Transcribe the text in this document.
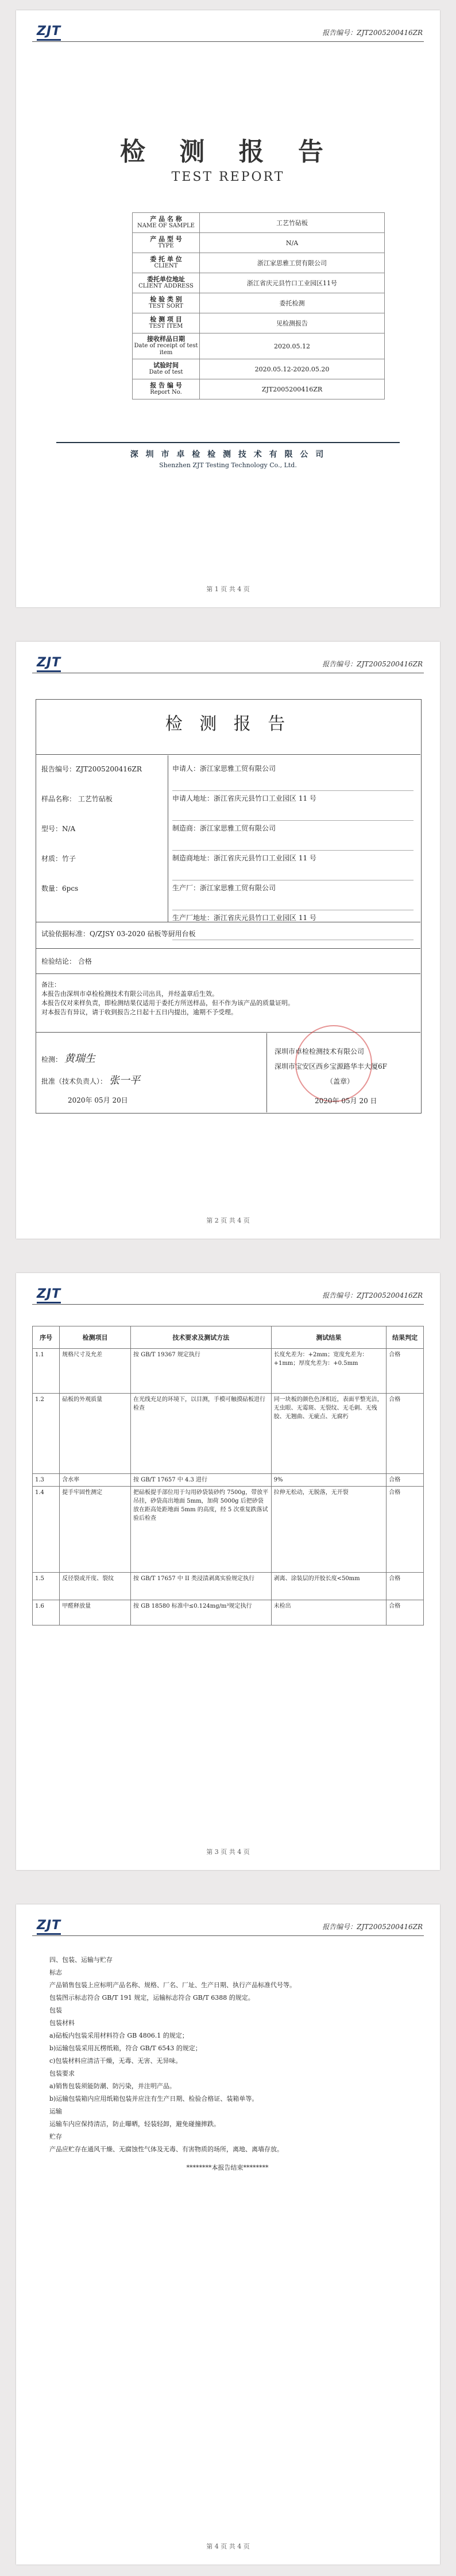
ZJT	报告编号：ZJT2005200416ZR
检 测 报 告
TEST REPORT
产 品 名 称
NAME OF SAMPLE	工艺竹砧板
产 品 型 号
TYPE	N/A
委 托 单 位
CLIENT	浙江家思雅工贸有限公司
委托单位地址
CLIENT ADDRESS	浙江省庆元县竹口工业园区11号
检 验 类 别
TEST SORT	委托检测
检 测 项 目
TEST ITEM	见检测报告
接收样品日期
Date of receipt of test item	2020.05.12
试验时间
Date of test	2020.05.12-2020.05.20
报 告 编 号
Report No.	ZJT2005200416ZR
深 圳 市 卓 检 检 测 技 术 有 限 公 司
Shenzhen ZJT Testing Technology Co., Ltd.
第 1 页 共 4 页
ZJT	报告编号：ZJT2005200416ZR
检 测 报 告
报告编号：ZJT2005200416ZR
样品名称： 工艺竹砧板
型号：N/A
材质：竹子
数量：6pcs
申请人：浙江家思雅工贸有限公司
申请人地址：浙江省庆元县竹口工业园区 11 号
制造商：浙江家思雅工贸有限公司
制造商地址：浙江省庆元县竹口工业园区 11 号
生产厂：浙江家思雅工贸有限公司
生产厂地址：浙江省庆元县竹口工业园区 11 号
试验依据标准：Q/ZJSY 03-2020 砧板等厨用台板
检验结论： 合格
备注：
本报告由深圳市卓检检测技术有限公司出具，并经盖章后生效。
本报告仅对来样负责，即检测结果仅适用于委托方所送样品，但不作为该产品的质量证明。
对本报告有异议，请于收到报告之日起十五日内提出，逾期不予受理。
检测： 黄瑞生
批准（技术负责人）： 张一平
2020年 05月 20日
深圳市卓检检测技术有限公司
深圳市宝安区西乡宝源路华丰大厦6F
（盖章）
2020年 05月 20 日
第 2 页 共 4 页
ZJT	报告编号：ZJT2005200416ZR
序号	检测项目	技术要求及测试方法	测试结果	结果判定
1.1	规格尺寸及允差	按 GB/T 19367 规定执行	长度允差为：+2mm；宽度允差为：+1mm；厚度允差为：+0.5mm	合格
1.2	砧板的外观质量	在光线充足的环境下，以目测，手模可触摸砧板进行检查	同一块板的颜色色泽相近，表面平整光洁，无虫眼、无霉斑、无裂纹、无毛刺、无残胶、无翘曲、无疵点、无腐朽	合格
1.3	含水率	按 GB/T 17657 中 4.3 进行	9%	合格
1.4	提手牢固性测定	把砧板提手部位用于勾用砂袋装砂约 7500g，带放平吊挂，砂袋高出地面 5mm，加荷 5000g 后把砂袋放在距高处距地面 5mm 的高度，经 5 次重复跌落试验后检查	拉伸无松动，无脱落，无开裂	合格
1.5	反径裂或开度、裂纹	按 GB/T 17657 中 II 类浸渍剥离实验规定执行	剥离、涂装层的开胶长度<50mm	合格
1.6	甲醛释放量	按 GB 18580 标准中≤0.124mg/m³规定执行	未检出	合格
第 3 页 共 4 页
ZJT	报告编号：ZJT2005200416ZR
四、包装、运输与贮存
标志
产品销售包装上应标明产品名称、规格、厂名、厂址、生产日期、执行产品标准代号等。
包装图示标志符合 GB/T 191 规定，运输标志符合 GB/T 6388 的规定。
包装
包装材料
a)砧板内包装采用材料符合 GB 4806.1 的规定；
b)运输包装采用瓦楞纸箱，符合 GB/T 6543 的规定；
c)包装材料应清洁干燥，无毒、无害、无异味。
包装要求
a)销售包装须能防潮、防污染，并注明产品。
b)运输包装箱内应用纸箱包装并应注有生产日期、检验合格证、装箱单等。
运输
运输车内应保持清洁，防止曝晒，轻装轻卸，避免碰撞摔跌。
贮存
产品应贮存在通风干燥、无腐蚀性气体及无毒、有害物质的场所，离地、离墙存放。
********本报告结束********
第 4 页 共 4 页
